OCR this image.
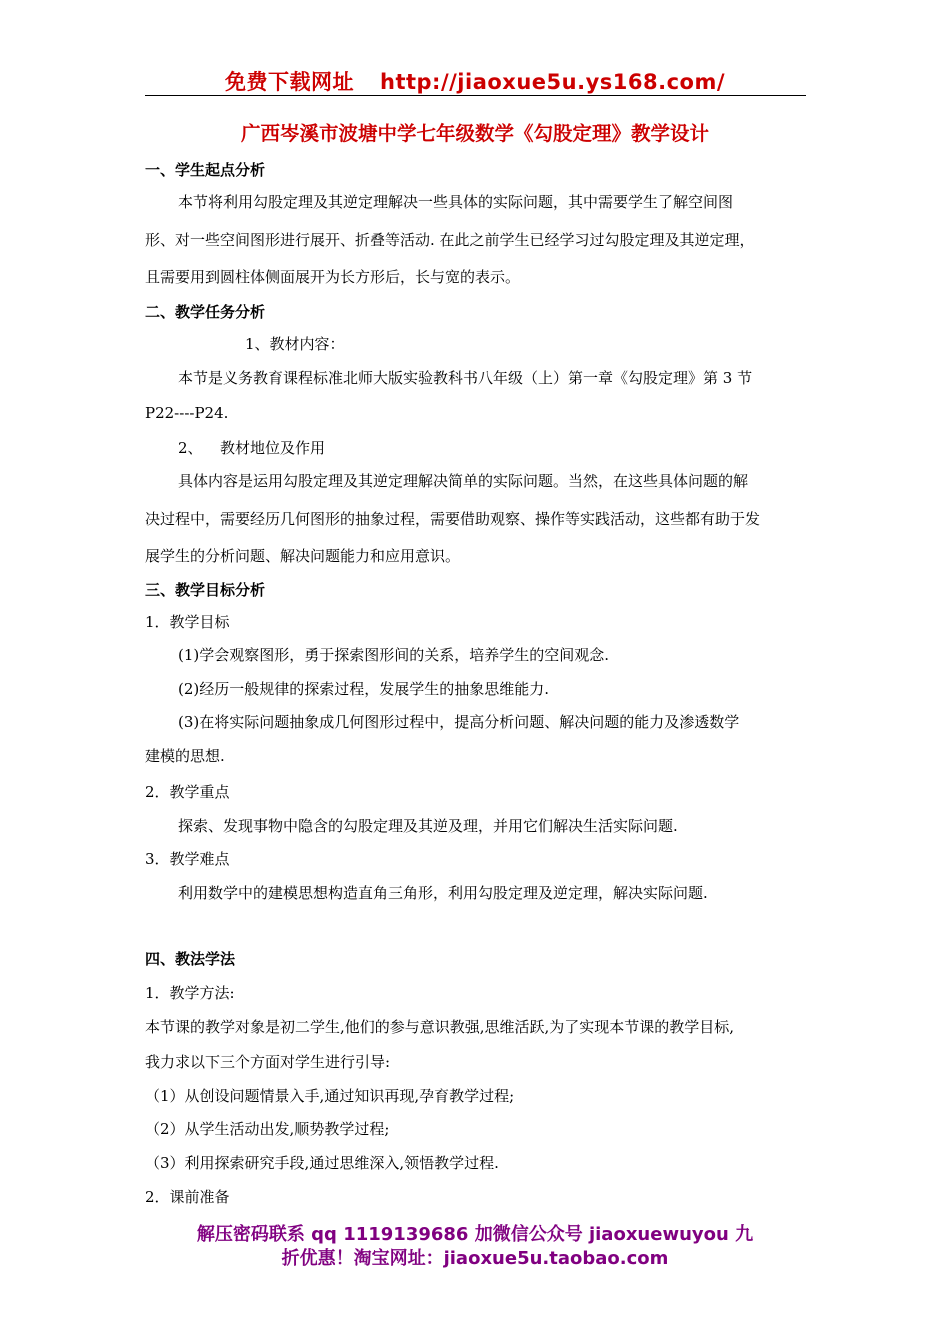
免费下载网址 http://jiaoxue5u.ys168.com/
广西岑溪市波塘中学七年级数学《勾股定理》教学设计
一、学生起点分析
本节将利用勾股定理及其逆定理解决一些具体的实际问题，其中需要学生了解空间图
形、对一些空间图形进行展开、折叠等活动. 在此之前学生已经学习过勾股定理及其逆定理，
且需要用到圆柱体侧面展开为长方形后，长与宽的表示。
二、教学任务分析
1、教材内容：
本节是义务教育课程标准北师大版实验教科书八年级（上）第一章《勾股定理》第 3 节
P22----P24.
2、 教材地位及作用
具体内容是运用勾股定理及其逆定理解决简单的实际问题。当然，在这些具体问题的解
决过程中，需要经历几何图形的抽象过程，需要借助观察、操作等实践活动，这些都有助于发
展学生的分析问题、解决问题能力和应用意识。
三、教学目标分析
1．教学目标
(1)学会观察图形，勇于探索图形间的关系，培养学生的空间观念.
(2)经历一般规律的探索过程，发展学生的抽象思维能力.
(3)在将实际问题抽象成几何图形过程中，提高分析问题、解决问题的能力及渗透数学
建模的思想.
2．教学重点
探索、发现事物中隐含的勾股定理及其逆及理，并用它们解决生活实际问题.
3．教学难点
利用数学中的建模思想构造直角三角形，利用勾股定理及逆定理，解决实际问题.
四、教法学法
1．教学方法:
本节课的教学对象是初二学生,他们的参与意识教强,思维活跃,为了实现本节课的教学目标,
我力求以下三个方面对学生进行引导:
（1）从创设问题情景入手,通过知识再现,孕育教学过程;
（2）从学生活动出发,顺势教学过程;
（3）利用探索研究手段,通过思维深入,领悟教学过程.
2．课前准备
解压密码联系 qq 1119139686 加微信公众号 jiaoxuewuyou 九
折优惠！淘宝网址：jiaoxue5u.taobao.com
